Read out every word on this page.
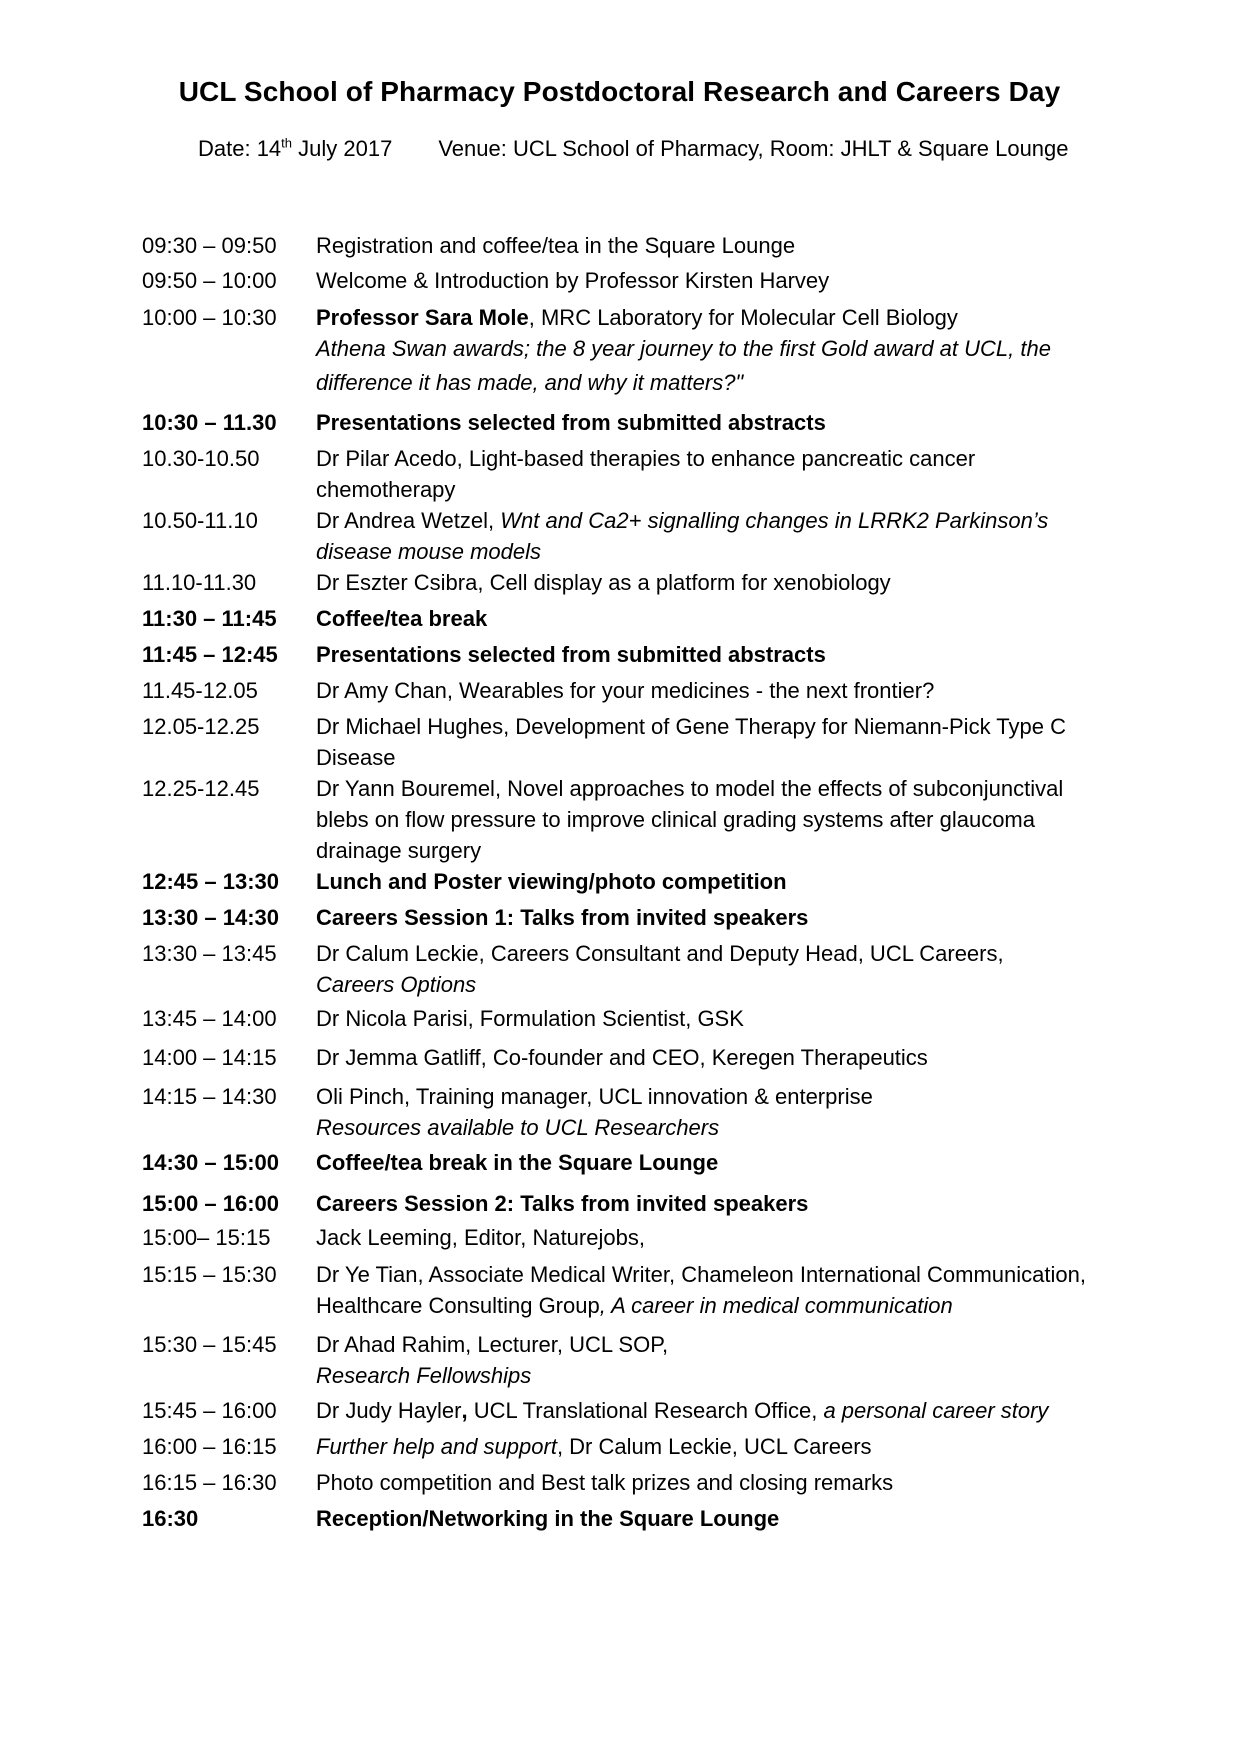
UCL School of Pharmacy Postdoctoral Research and Careers Day
Date: 14th July 2017 Venue: UCL School of Pharmacy, Room: JHLT & Square Lounge
09:30 – 09:50	Registration and coffee/tea in the Square Lounge
09:50 – 10:00	Welcome & Introduction by Professor Kirsten Harvey
10:00 – 10:30	Professor Sara Mole, MRC Laboratory for Molecular Cell Biology
Athena Swan awards; the 8 year journey to the first Gold award at UCL, the
difference it has made, and why it matters?"
10:30 – 11.30	Presentations selected from submitted abstracts
10.30-10.50	Dr Pilar Acedo, Light-based therapies to enhance pancreatic cancer
chemotherapy
10.50-11.10	Dr Andrea Wetzel, Wnt and Ca2+ signalling changes in LRRK2 Parkinson’s
disease mouse models
11.10-11.30	Dr Eszter Csibra, Cell display as a platform for xenobiology
11:30 – 11:45	Coffee/tea break
11:45 – 12:45	Presentations selected from submitted abstracts
11.45-12.05	Dr Amy Chan, Wearables for your medicines - the next frontier?
12.05-12.25	Dr Michael Hughes, Development of Gene Therapy for Niemann-Pick Type C
Disease
12.25-12.45	Dr Yann Bouremel, Novel approaches to model the effects of subconjunctival
blebs on flow pressure to improve clinical grading systems after glaucoma
drainage surgery
12:45 – 13:30	Lunch and Poster viewing/photo competition
13:30 – 14:30	Careers Session 1: Talks from invited speakers
13:30 – 13:45	Dr Calum Leckie, Careers Consultant and Deputy Head, UCL Careers,
Careers Options
13:45 – 14:00	Dr Nicola Parisi, Formulation Scientist, GSK
14:00 – 14:15	Dr Jemma Gatliff, Co-founder and CEO, Keregen Therapeutics
14:15 – 14:30	Oli Pinch, Training manager, UCL innovation & enterprise
Resources available to UCL Researchers
14:30 – 15:00	Coffee/tea break in the Square Lounge
15:00 – 16:00	Careers Session 2: Talks from invited speakers
15:00– 15:15	Jack Leeming, Editor, Naturejobs,
15:15 – 15:30	Dr Ye Tian, Associate Medical Writer, Chameleon International Communication,
Healthcare Consulting Group, A career in medical communication
15:30 – 15:45	Dr Ahad Rahim, Lecturer, UCL SOP,
Research Fellowships
15:45 – 16:00	Dr Judy Hayler, UCL Translational Research Office, a personal career story
16:00 – 16:15	Further help and support, Dr Calum Leckie, UCL Careers
16:15 – 16:30	Photo competition and Best talk prizes and closing remarks
16:30	Reception/Networking in the Square Lounge
